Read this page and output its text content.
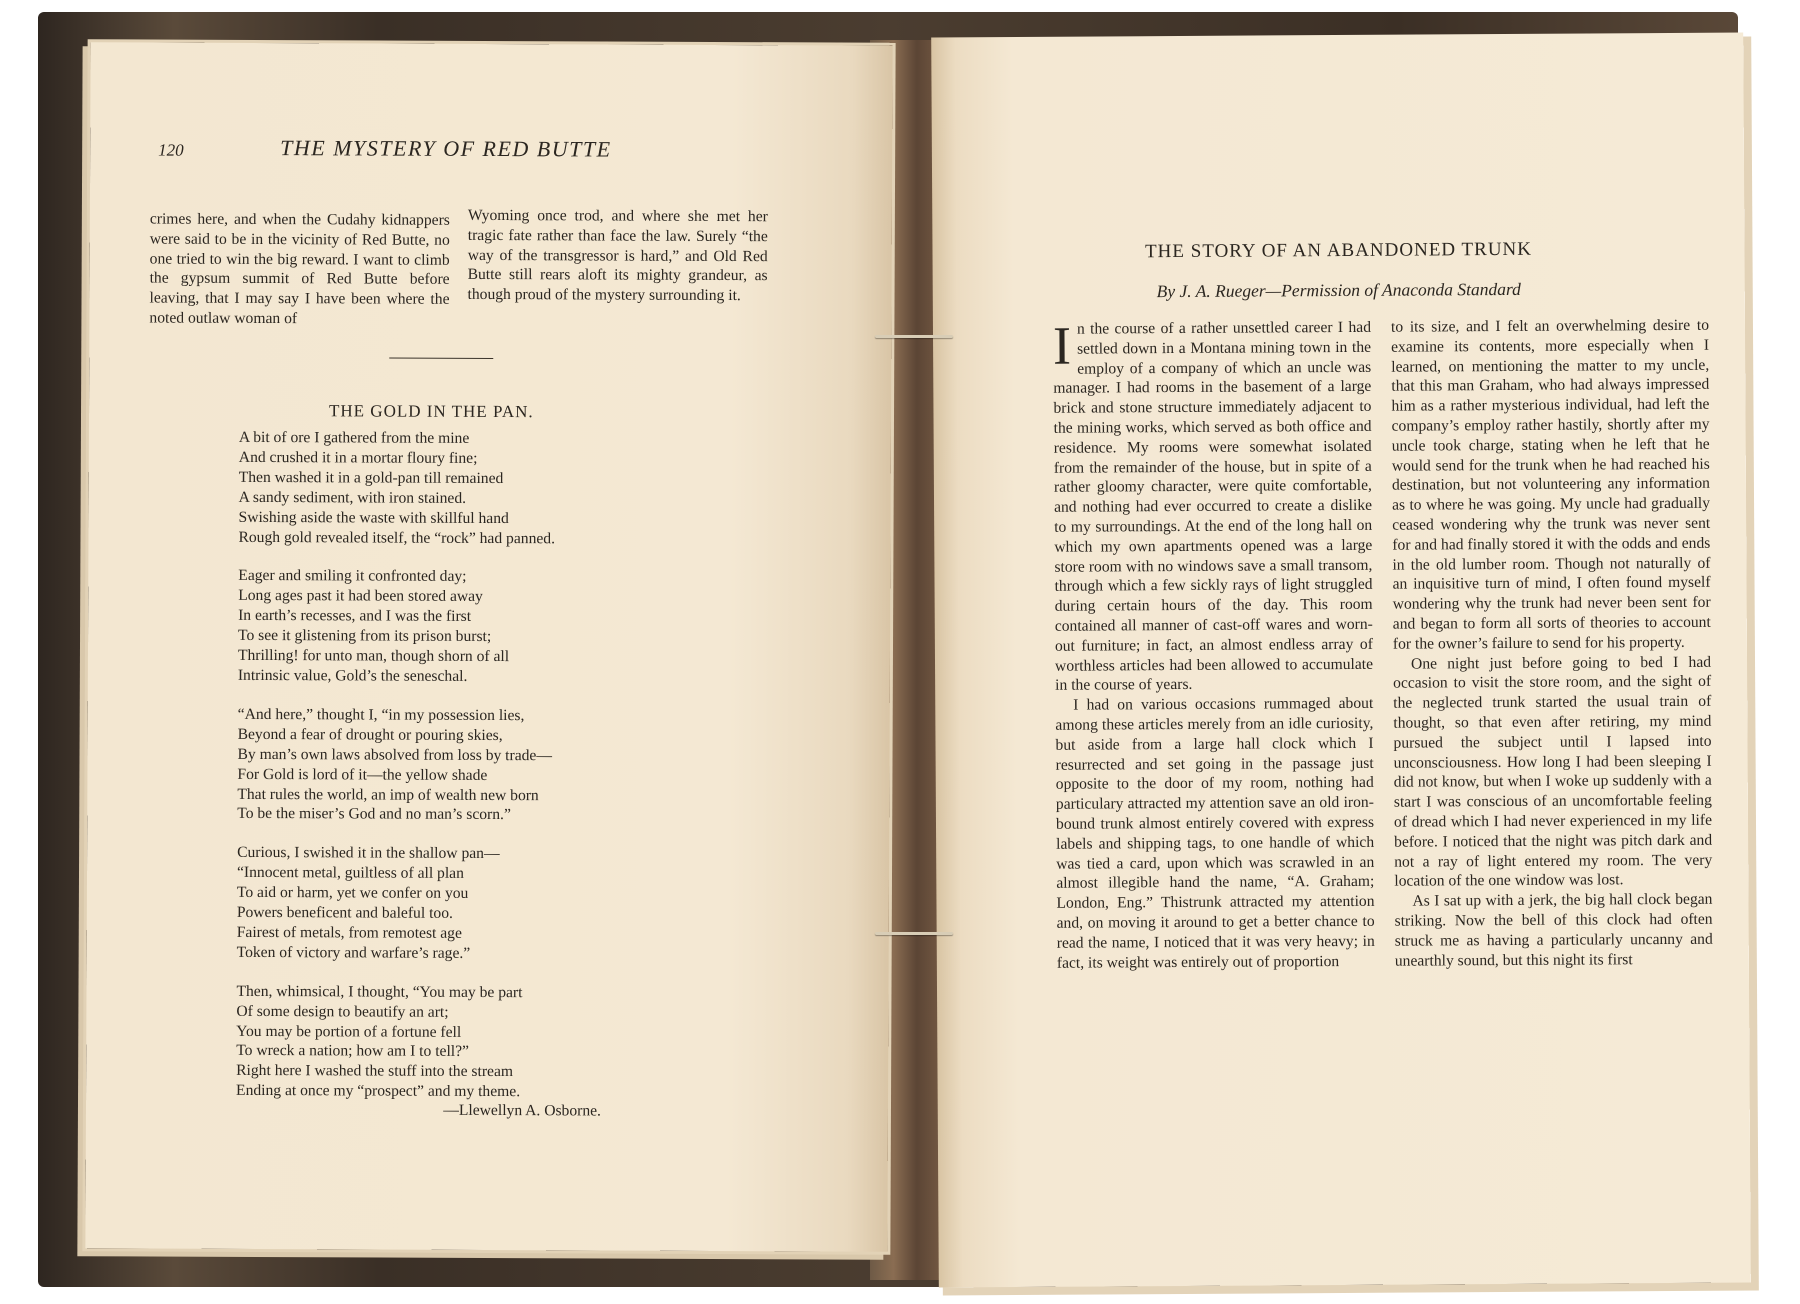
120	THE MYSTERY OF RED BUTTE

crimes here, and when the Cudahy kidnappers were said to be in the vicinity of Red Butte, no one tried to win the big reward. I want to climb the gypsum summit of Red Butte before leaving, that I may say I have been where the noted outlaw woman of

Wyoming once trod, and where she met her tragic fate rather than face the law. Surely “the way of the transgressor is hard,” and Old Red Butte still rears aloft its mighty grandeur, as though proud of the mystery surrounding it.

THE GOLD IN THE PAN.
A bit of ore I gathered from the mine
And crushed it in a mortar floury fine;
Then washed it in a gold-pan till remained
A sandy sediment, with iron stained.
Swishing aside the waste with skillful hand
Rough gold revealed itself, the “rock” had panned.
Eager and smiling it confronted day;
Long ages past it had been stored away
In earth’s recesses, and I was the first
To see it glistening from its prison burst;
Thrilling! for unto man, though shorn of all
Intrinsic value, Gold’s the seneschal.
“And here,” thought I, “in my possession lies,
Beyond a fear of drought or pouring skies,
By man’s own laws absolved from loss by trade—
For Gold is lord of it—the yellow shade
That rules the world, an imp of wealth new born
To be the miser’s God and no man’s scorn.”
Curious, I swished it in the shallow pan—
“Innocent metal, guiltless of all plan
To aid or harm, yet we confer on you
Powers beneficent and baleful too.
Fairest of metals, from remotest age
Token of victory and warfare’s rage.”
Then, whimsical, I thought, “You may be part
Of some design to beautify an art;
You may be portion of a fortune fell
To wreck a nation; how am I to tell?”
Right here I washed the stuff into the stream
Ending at once my “prospect” and my theme.
—Llewellyn A. Osborne.
THE STORY OF AN ABANDONED TRUNK
By J. A. Rueger—Permission of Anaconda Standard

In the course of a rather unsettled career I had settled down in a Montana mining town in the employ of a company of which an uncle was manager. I had rooms in the basement of a large brick and stone structure immediately adjacent to the mining works, which served as both office and residence. My rooms were somewhat isolated from the remainder of the house, but in spite of a rather gloomy character, were quite comfortable, and nothing had ever occurred to create a dislike to my surroundings. At the end of the long hall on which my own apartments opened was a large store room with no windows save a small transom, through which a few sickly rays of light struggled during certain hours of the day. This room contained all manner of cast-off wares and worn-out furniture; in fact, an almost endless array of worthless articles had been allowed to accumulate in the course of years.

I had on various occasions rummaged about among these articles merely from an idle curiosity, but aside from a large hall clock which I resurrected and set going in the passage just opposite to the door of my room, nothing had particulary attracted my attention save an old iron-bound trunk almost entirely covered with express labels and shipping tags, to one handle of which was tied a card, upon which was scrawled in an almost illegible hand the name, “A. Graham; London, Eng.” Thistrunk attracted my attention and, on moving it around to get a better chance to read the name, I noticed that it was very heavy; in fact, its weight was entirely out of proportion

to its size, and I felt an overwhelming desire to examine its contents, more especially when I learned, on mentioning the matter to my uncle, that this man Graham, who had always impressed him as a rather mysterious individual, had left the company’s employ rather hastily, shortly after my uncle took charge, stating when he left that he would send for the trunk when he had reached his destination, but not volunteering any information as to where he was going. My uncle had gradually ceased wondering why the trunk was never sent for and had finally stored it with the odds and ends in the old lumber room. Though not naturally of an inquisitive turn of mind, I often found myself wondering why the trunk had never been sent for and began to form all sorts of theories to account for the owner’s failure to send for his property.

One night just before going to bed I had occasion to visit the store room, and the sight of the neglected trunk started the usual train of thought, so that even after retiring, my mind pursued the subject until I lapsed into unconsciousness. How long I had been sleeping I did not know, but when I woke up suddenly with a start I was conscious of an uncomfortable feeling of dread which I had never experienced in my life before. I noticed that the night was pitch dark and not a ray of light entered my room. The very location of the one window was lost.

As I sat up with a jerk, the big hall clock began striking. Now the bell of this clock had often struck me as having a particularly uncanny and unearthly sound, but this night its first
